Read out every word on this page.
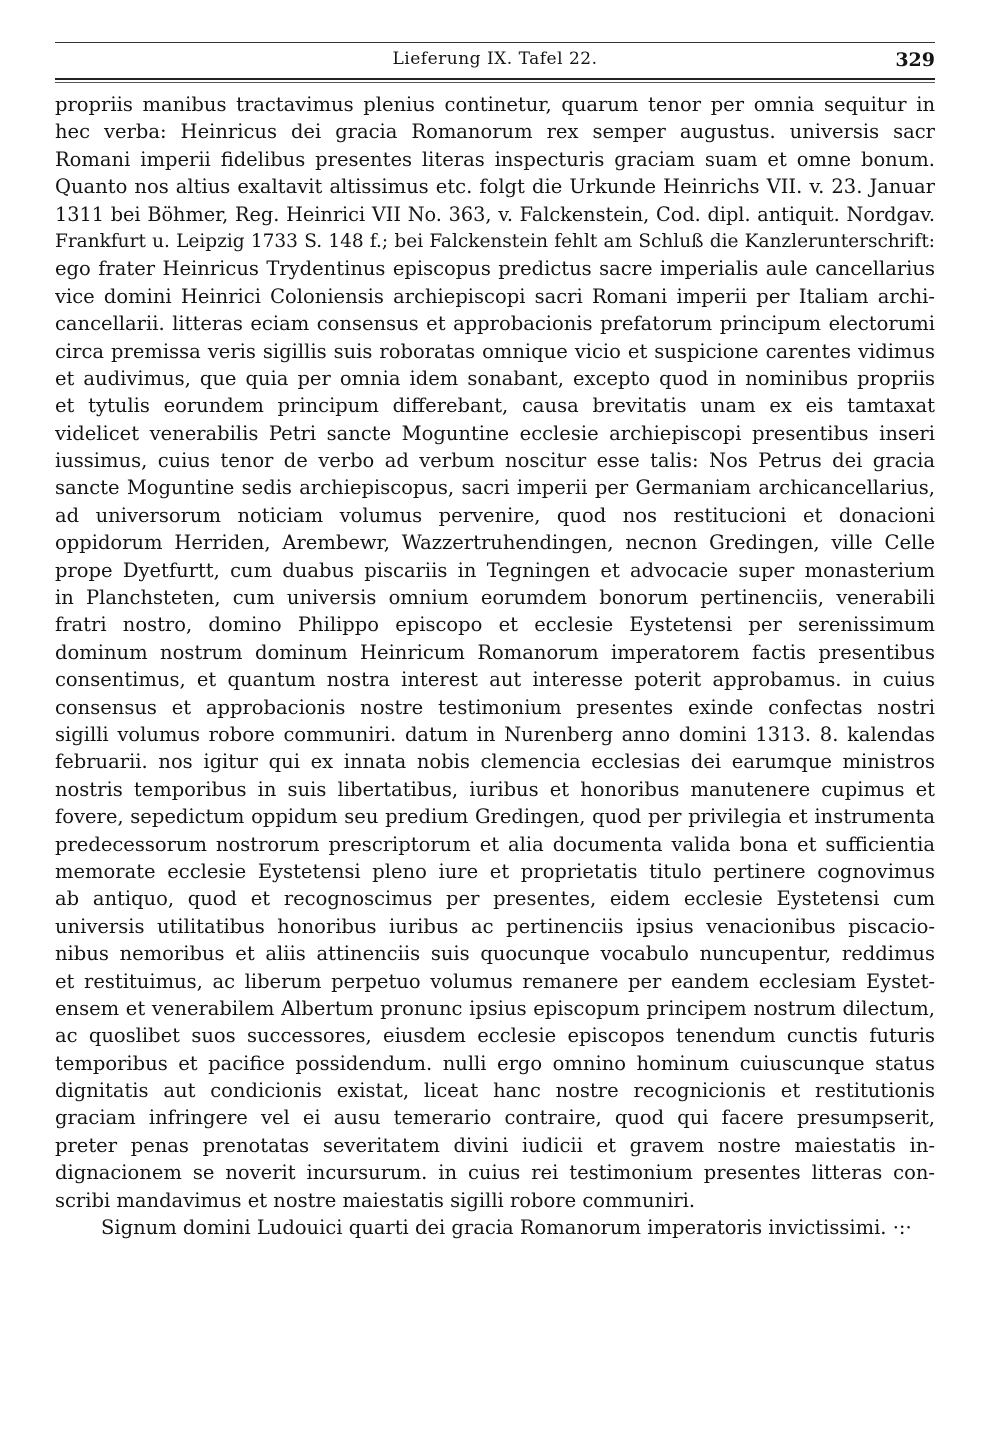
Lieferung IX. Tafel 22.	329
propriis manibus tractavimus plenius continetur, quarum tenor per omnia sequitur in
hec verba: Heinricus dei gracia Romanorum rex semper augustus. universis sacr
Romani imperii fidelibus presentes literas inspecturis graciam suam et omne bonum.
Quanto nos altius exaltavit altissimus etc. folgt die Urkunde Heinrichs VII. v. 23. Januar
1311 bei Böhmer, Reg. Heinrici VII No. 363, v. Falckenstein, Cod. dipl. antiquit. Nordgav.
Frankfurt u. Leipzig 1733 S. 148 f.; bei Falckenstein fehlt am Schluß die Kanzlerunterschrift:
ego frater Heinricus Trydentinus episcopus predictus sacre imperialis aule cancellarius
vice domini Heinrici Coloniensis archiepiscopi sacri Romani imperii per Italiam archi-
cancellarii. litteras eciam consensus et approbacionis prefatorum principum electorumi
circa premissa veris sigillis suis roboratas omnique vicio et suspicione carentes vidimus
et audivimus, que quia per omnia idem sonabant, excepto quod in nominibus propriis
et tytulis eorundem principum differebant, causa brevitatis unam ex eis tamtaxat
videlicet venerabilis Petri sancte Moguntine ecclesie archiepiscopi presentibus inseri
iussimus, cuius tenor de verbo ad verbum noscitur esse talis: Nos Petrus dei gracia
sancte Moguntine sedis archiepiscopus, sacri imperii per Germaniam archicancellarius,
ad universorum noticiam volumus pervenire, quod nos restitucioni et donacioni
oppidorum Herriden, Arembewr, Wazzertruhendingen, necnon Gredingen, ville Celle
prope Dyetfurtt, cum duabus piscariis in Tegningen et advocacie super monasterium
in Planchsteten, cum universis omnium eorumdem bonorum pertinenciis, venerabili
fratri nostro, domino Philippo episcopo et ecclesie Eystetensi per serenissimum
dominum nostrum dominum Heinricum Romanorum imperatorem factis presentibus
consentimus, et quantum nostra interest aut interesse poterit approbamus. in cuius
consensus et approbacionis nostre testimonium presentes exinde confectas nostri
sigilli volumus robore communiri. datum in Nurenberg anno domini 1313. 8. kalendas
februarii. nos igitur qui ex innata nobis clemencia ecclesias dei earumque ministros
nostris temporibus in suis libertatibus, iuribus et honoribus manutenere cupimus et
fovere, sepedictum oppidum seu predium Gredingen, quod per privilegia et instrumenta
predecessorum nostrorum prescriptorum et alia documenta valida bona et sufficientia
memorate ecclesie Eystetensi pleno iure et proprietatis titulo pertinere cognovimus
ab antiquo, quod et recognoscimus per presentes, eidem ecclesie Eystetensi cum
universis utilitatibus honoribus iuribus ac pertinenciis ipsius venacionibus piscacio-
nibus nemoribus et aliis attinenciis suis quocunque vocabulo nuncupentur, reddimus
et restituimus, ac liberum perpetuo volumus remanere per eandem ecclesiam Eystet-
ensem et venerabilem Albertum pronunc ipsius episcopum principem nostrum dilectum,
ac quoslibet suos successores, eiusdem ecclesie episcopos tenendum cunctis futuris
temporibus et pacifice possidendum. nulli ergo omnino hominum cuiuscunque status
dignitatis aut condicionis existat, liceat hanc nostre recognicionis et restitutionis
graciam infringere vel ei ausu temerario contraire, quod qui facere presumpserit,
preter penas prenotatas severitatem divini iudicii et gravem nostre maiestatis in-
dignacionem se noverit incursurum. in cuius rei testimonium presentes litteras con-
scribi mandavimus et nostre maiestatis sigilli robore communiri.
Signum domini Ludouici quarti dei gracia Romanorum imperatoris invictissimi. ·:·
